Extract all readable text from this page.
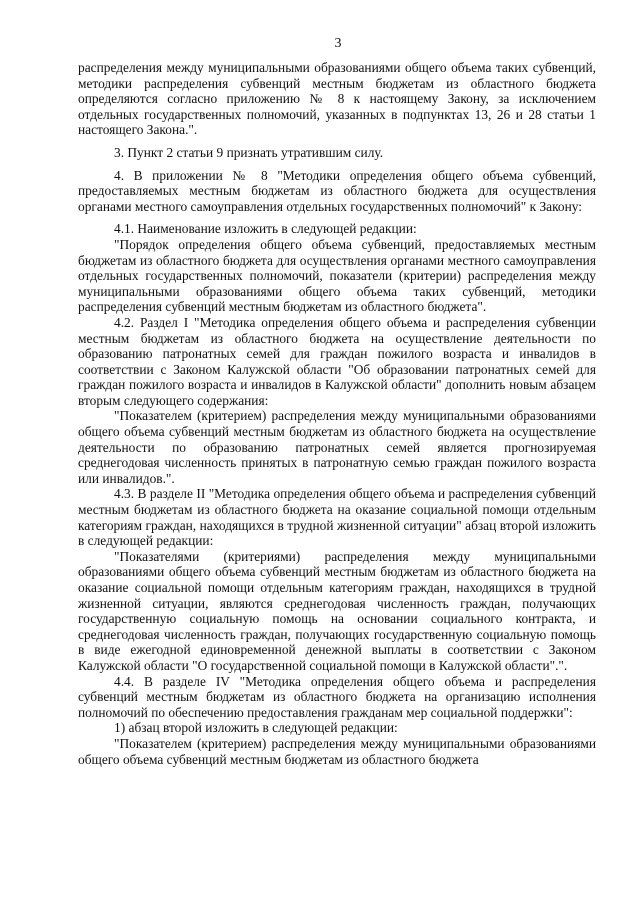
3

распределения между муниципальными образованиями общего объема таких субвенций, методики распределения субвенций местным бюджетам из областного бюджета определяются согласно приложению № 8 к настоящему Закону, за исключением отдельных государственных полномочий, указанных в подпунктах 13, 26 и 28 статьи 1 настоящего Закона.".

3. Пункт 2 статьи 9 признать утратившим силу.

4. В приложении № 8 "Методики определения общего объема субвенций, предоставляемых местным бюджетам из областного бюджета для осуществления органами местного самоуправления отдельных государственных полномочий" к Закону:

4.1. Наименование изложить в следующей редакции:

"Порядок определения общего объема субвенций, предоставляемых местным бюджетам из областного бюджета для осуществления органами местного самоуправления отдельных государственных полномочий, показатели (критерии) распределения между муниципальными образованиями общего объема таких субвенций, методики распределения субвенций местным бюджетам из областного бюджета".

4.2. Раздел I "Методика определения общего объема и распределения субвенции местным бюджетам из областного бюджета на осуществление деятельности по образованию патронатных семей для граждан пожилого возраста и инвалидов в соответствии с Законом Калужской области "Об образовании патронатных семей для граждан пожилого возраста и инвалидов в Калужской области" дополнить новым абзацем вторым следующего содержания:

"Показателем (критерием) распределения между муниципальными образованиями общего объема субвенций местным бюджетам из областного бюджета на осуществление деятельности по образованию патронатных семей является прогнозируемая среднегодовая численность принятых в патронатную семью граждан пожилого возраста или инвалидов.".

4.3. В разделе II "Методика определения общего объема и распределения субвенций местным бюджетам из областного бюджета на оказание социальной помощи отдельным категориям граждан, находящихся в трудной жизненной ситуации" абзац второй изложить в следующей редакции:

"Показателями (критериями) распределения между муниципальными образованиями общего объема субвенций местным бюджетам из областного бюджета на оказание социальной помощи отдельным категориям граждан, находящихся в трудной жизненной ситуации, являются среднегодовая численность граждан, получающих государственную социальную помощь на основании социального контракта, и среднегодовая численность граждан, получающих государственную социальную помощь в виде ежегодной единовременной денежной выплаты в соответствии с Законом Калужской области "О государственной социальной помощи в Калужской области".".

4.4. В разделе IV "Методика определения общего объема и распределения субвенций местным бюджетам из областного бюджета на организацию исполнения полномочий по обеспечению предоставления гражданам мер социальной поддержки":

1) абзац второй изложить в следующей редакции:

"Показателем (критерием) распределения между муниципальными образованиями общего объема субвенций местным бюджетам из областного бюджета
